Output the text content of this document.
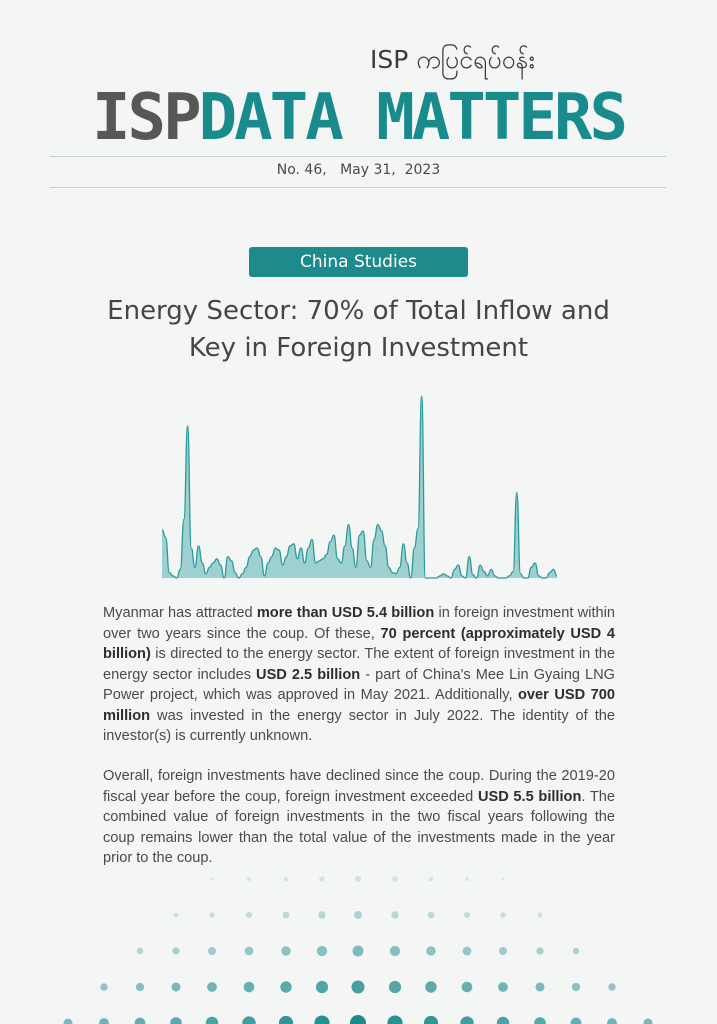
ISP ကပြင်ရပ်ဝန်း
ISPDATA MATTERS
No. 46, May 31,  2023
China Studies
Energy Sector: 70% of Total Inflow and
Key in Foreign Investment
Myanmar has attracted more than USD 5.4 billion in foreign investment within over two years since the coup. Of these, 70 percent (approximately USD 4 billion) is directed to the energy sector. The extent of foreign investment in the energy sector includes USD 2.5 billion - part of China's Mee Lin Gyaing LNG Power project, which was approved in May 2021. Additionally, over USD 700 million was invested in the energy sector in July 2022. The identity of the investor(s) is currently unknown.
Overall, foreign investments have declined since the coup. During the 2019-20 fiscal year before the coup, foreign investment exceeded USD 5.5 billion. The combined value of foreign investments in the two fiscal years following the coup remains lower than the total value of the investments made in the year prior to the coup.
